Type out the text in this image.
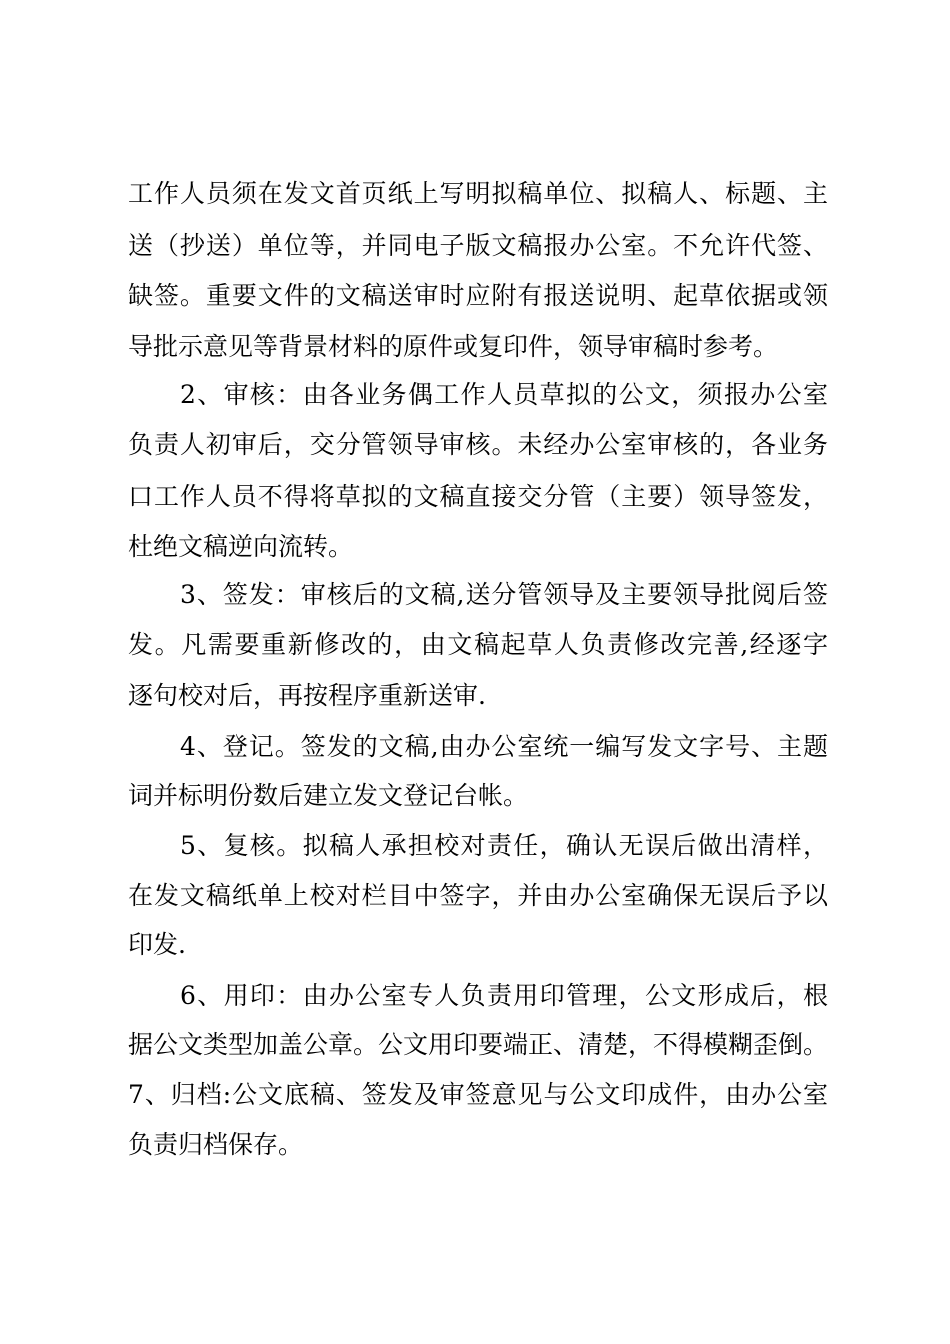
工作人员须在发文首页纸上写明拟稿单位、拟稿人、标题、主

送（抄送）单位等，并同电子版文稿报办公室。不允许代签、

缺签。重要文件的文稿送审时应附有报送说明、起草依据或领

导批示意见等背景材料的原件或复印件，领导审稿时参考。

2、审核：由各业务偶工作人员草拟的公文，须报办公室

负责人初审后，交分管领导审核。未经办公室审核的，各业务

口工作人员不得将草拟的文稿直接交分管（主要）领导签发，

杜绝文稿逆向流转。

3、签发：审核后的文稿,送分管领导及主要领导批阅后签

发。凡需要重新修改的，由文稿起草人负责修改完善,经逐字

逐句校对后，再按程序重新送审.

4、登记。签发的文稿,由办公室统一编写发文字号、主题

词并标明份数后建立发文登记台帐。

5、复核。拟稿人承担校对责任，确认无误后做出清样，

在发文稿纸单上校对栏目中签字，并由办公室确保无误后予以

印发.

6、用印：由办公室专人负责用印管理，公文形成后，根

据公文类型加盖公章。公文用印要端正、清楚，不得模糊歪倒。

7、归档:公文底稿、签发及审签意见与公文印成件，由办公室

负责归档保存。
